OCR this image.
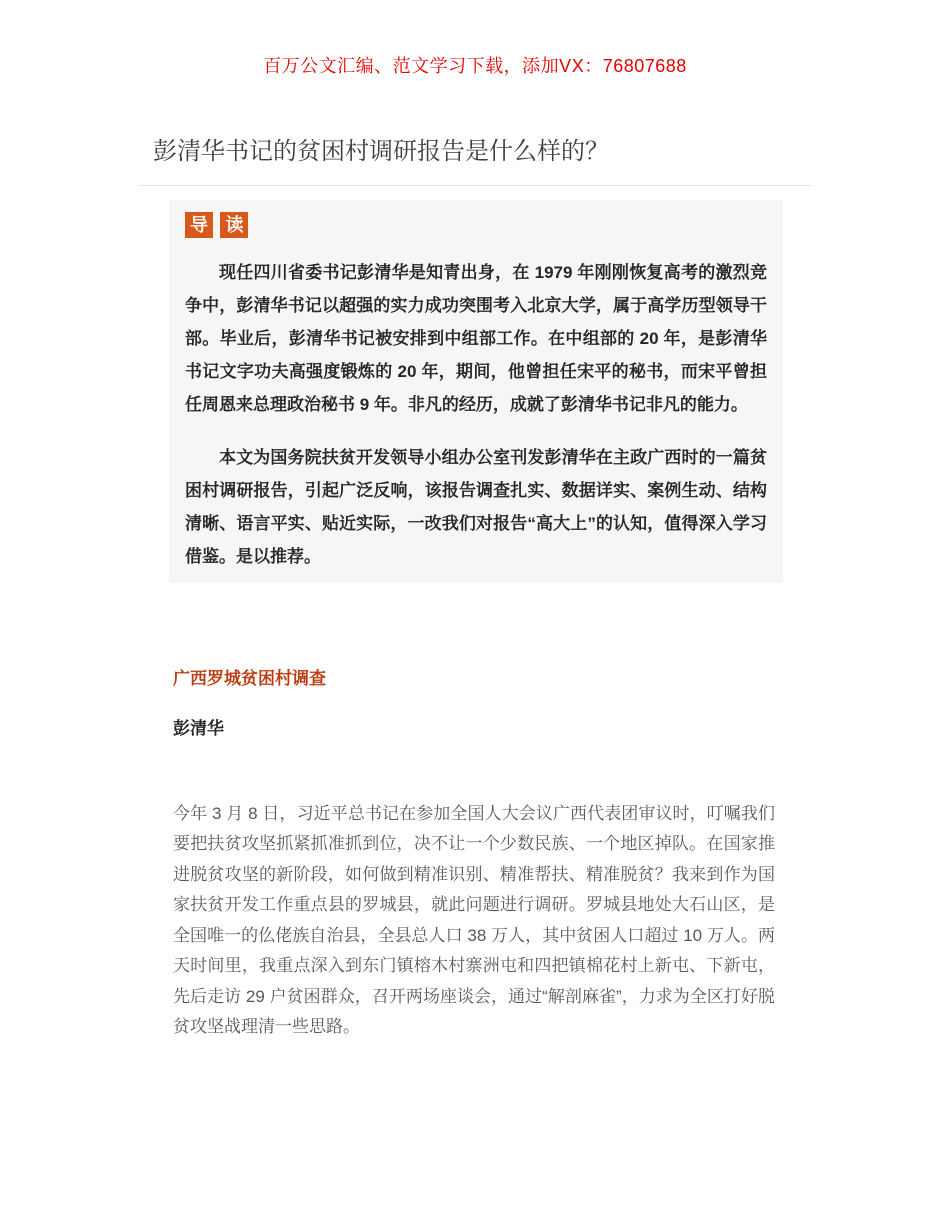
百万公文汇编、范文学习下载，添加VX：76807688
彭清华书记的贫困村调研报告是什么样的？
导 读

现任四川省委书记彭清华是知青出身，在 1979 年刚刚恢复高考的激烈竞争中，彭清华书记以超强的实力成功突围考入北京大学，属于高学历型领导干部。毕业后，彭清华书记被安排到中组部工作。在中组部的 20 年，是彭清华书记文字功夫高强度锻炼的 20 年，期间，他曾担任宋平的秘书，而宋平曾担任周恩来总理政治秘书 9 年。非凡的经历，成就了彭清华书记非凡的能力。

本文为国务院扶贫开发领导小组办公室刊发彭清华在主政广西时的一篇贫困村调研报告，引起广泛反响，该报告调查扎实、数据详实、案例生动、结构清晰、语言平实、贴近实际，一改我们对报告“高大上”的认知，值得深入学习借鉴。是以推荐。

广西罗城贫困村调查
彭清华

今年 3 月 8 日，习近平总书记在参加全国人大会议广西代表团审议时，叮嘱我们要把扶贫攻坚抓紧抓准抓到位，决不让一个少数民族、一个地区掉队。在国家推进脱贫攻坚的新阶段，如何做到精准识别、精准帮扶、精准脱贫？我来到作为国家扶贫开发工作重点县的罗城县，就此问题进行调研。罗城县地处大石山区，是全国唯一的仫佬族自治县，全县总人口 38 万人，其中贫困人口超过 10 万人。两天时间里，我重点深入到东门镇榕木村寨洲屯和四把镇棉花村上新屯、下新屯，先后走访 29 户贫困群众，召开两场座谈会，通过“解剖麻雀”，力求为全区打好脱贫攻坚战理清一些思路。
